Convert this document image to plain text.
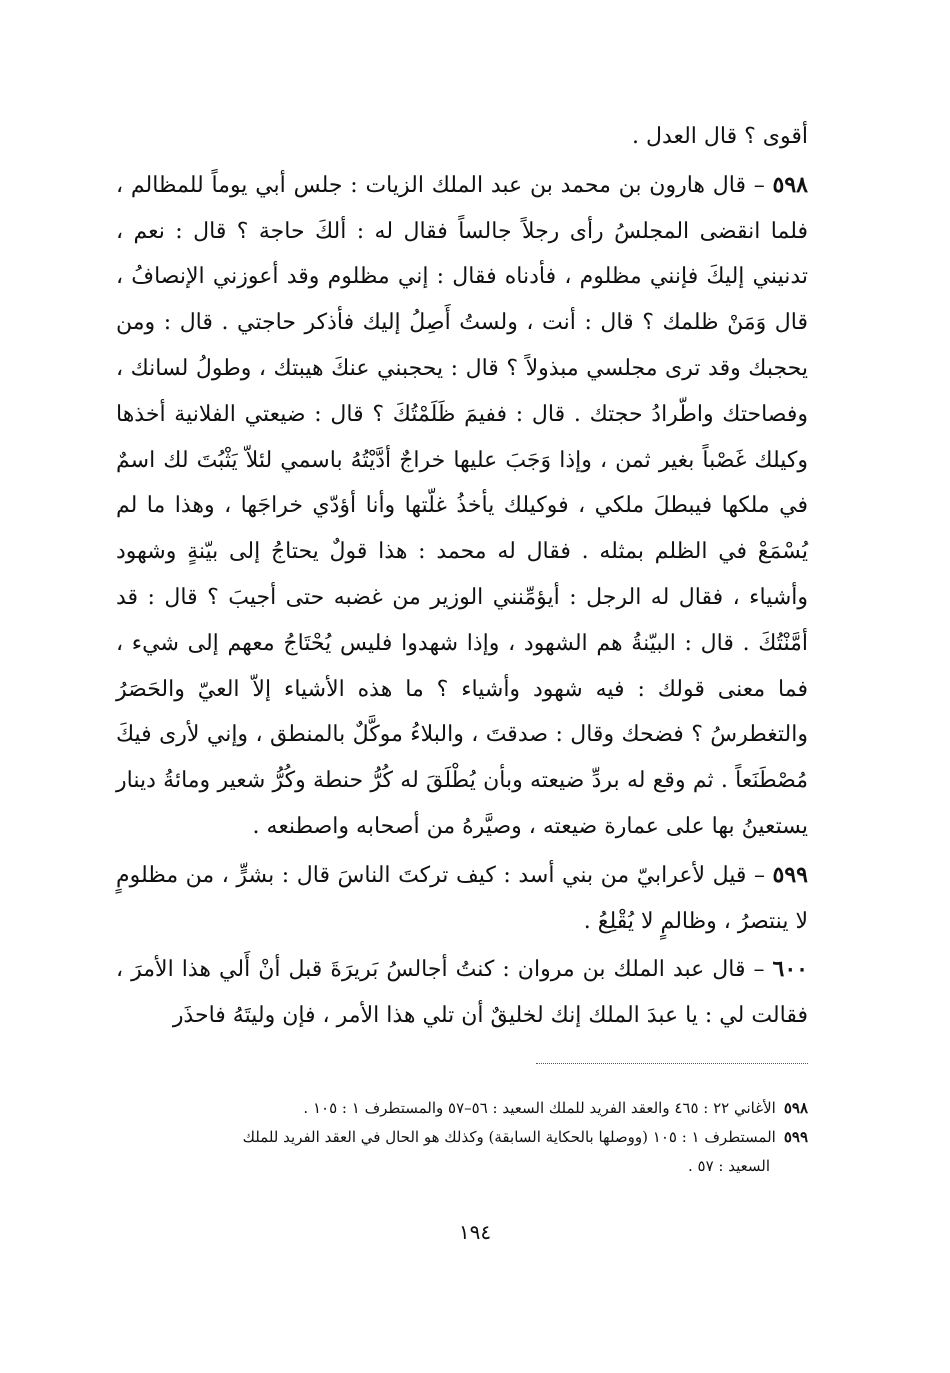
أقوى ؟ قال العدل .

٥٩٨ – قال هارون بن محمد بن عبد الملك الزيات : جلس أبي يوماً للمظالم ، فلما انقضى المجلسُ رأى رجلاً جالساً فقال له : ألكَ حاجة ؟ قال : نعم ، تدنيني إليكَ فإنني مظلوم ، فأدناه فقال : إني مظلوم وقد أعوزني الإنصافُ ، قال وَمَنْ ظلمك ؟ قال : أنت ، ولستُ أَصِلُ إليك فأذكر حاجتي . قال : ومن يحجبك وقد ترى مجلسي مبذولاً ؟ قال : يحجبني عنكَ هيبتك ، وطولُ لسانك ، وفصاحتك واطّرادُ حجتك . قال : ففيمَ ظَلَمْتُكَ ؟ قال : ضيعتي الفلانية أخذها وكيلك غَصْباً بغير ثمن ، وإذا وَجَبَ عليها خراجٌ أدَّيْتُهُ باسمي لئلاّ يَثْبُتَ لك اسمٌ في ملكها فيبطلَ ملكي ، فوكيلك يأخذُ غلّتها وأنا أؤدّي خراجَها ، وهذا ما لم يُسْمَعْ في الظلم بمثله . فقال له محمد : هذا قولٌ يحتاجُ إلى بيّنةٍ وشهود وأشياء ، فقال له الرجل : أيؤمِّنني الوزير من غضبه حتى أجيبَ ؟ قال : قد أمَّنْتُكَ . قال : البيّنةُ هم الشهود ، وإذا شهدوا فليس يُحْتَاجُ معهم إلى شيء ، فما معنى قولك : فيه شهود وأشياء ؟ ما هذه الأشياء إلاّ العيّ والحَصَرُ والتغطرسُ ؟ فضحك وقال : صدقتَ ، والبلاءُ موكَّلٌ بالمنطق ، وإني لأرى فيكَ مُصْطَنَعاً . ثم وقع له بردِّ ضيعته وبأن يُطْلَقَ له كُرُّ حنطة وكُرُّ شعير ومائةُ دينار يستعينُ بها على عمارة ضيعته ، وصيَّرهُ من أصحابه واصطنعه .

٥٩٩ – قيل لأعرابيّ من بني أسد : كيف تركتَ الناسَ قال : بشرٍّ ، من مظلومٍ لا ينتصرُ ، وظالمٍ لا يُقْلِعُ .

٦٠٠ – قال عبد الملك بن مروان : كنتُ أجالسُ بَريرَةَ قبل أنْ أَلي هذا الأمرَ ، فقالت لي : يا عبدَ الملك إنك لخليقٌ أن تلي هذا الأمر ، فإن وليتَهُ فاحذَر

٥٩٨الأغاني ٢٢ : ٤٦٥ والعقد الفريد للملك السعيد : ٥٦–٥٧ والمستطرف ١ : ١٠٥ .

٥٩٩المستطرف ١ : ١٠٥ (ووصلها بالحكاية السابقة) وكذلك هو الحال في العقد الفريد للملك

السعيد : ٥٧ .

١٩٤
